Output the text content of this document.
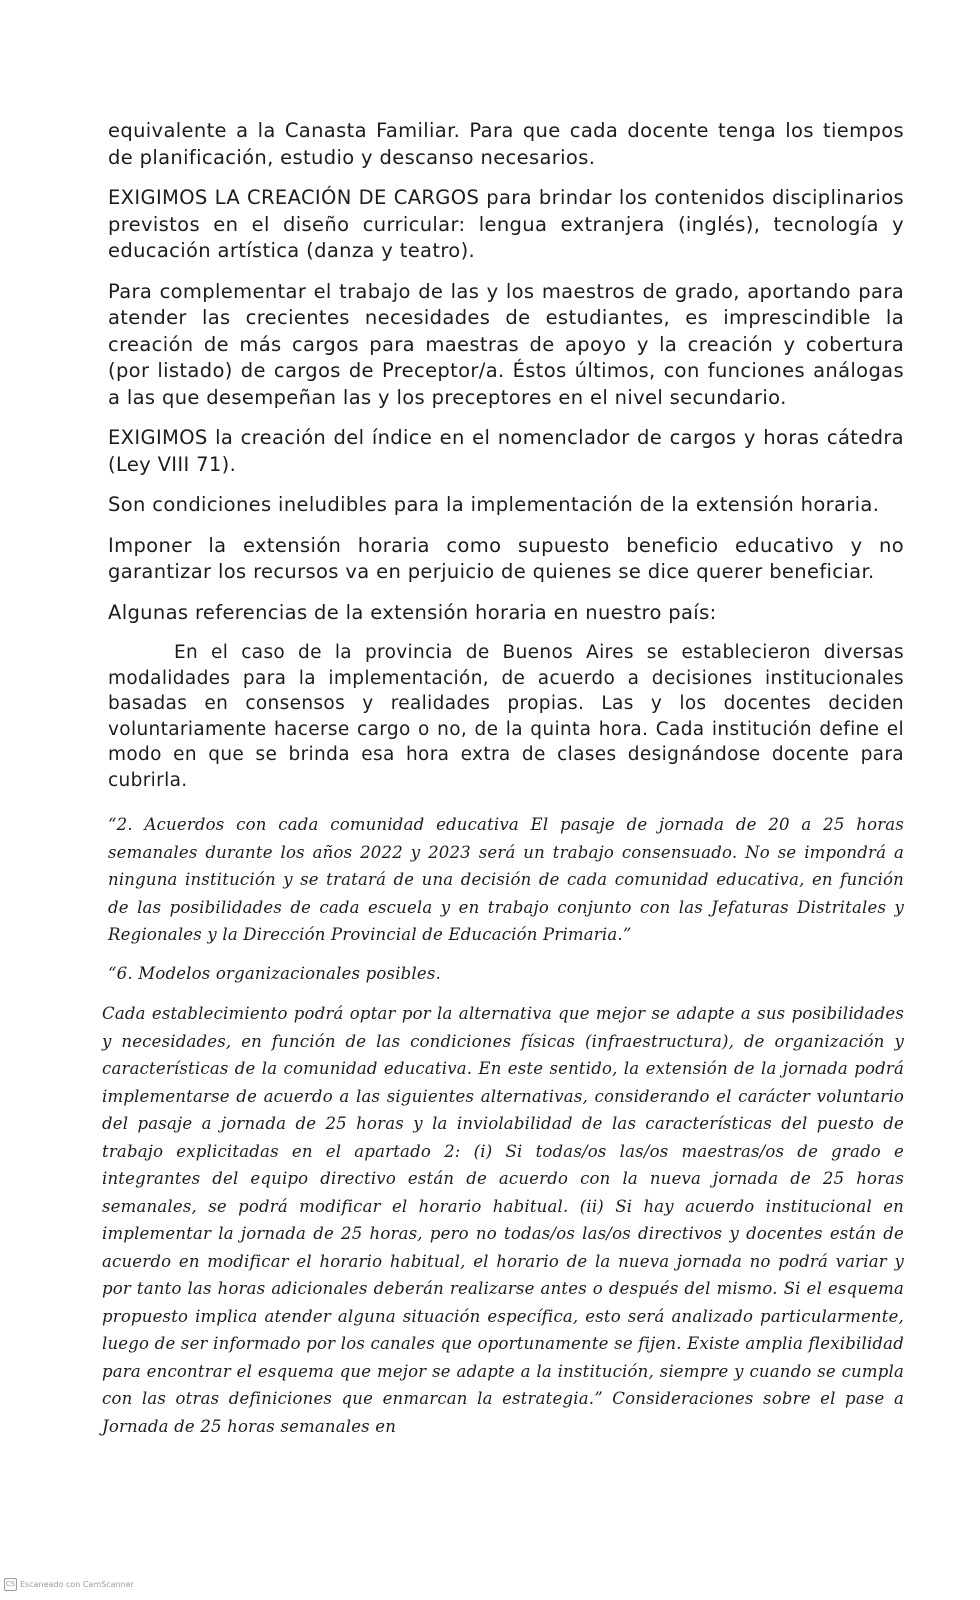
equivalente a la Canasta Familiar. Para que cada docente tenga los tiempos de planificación, estudio y descanso necesarios.

EXIGIMOS LA CREACIÓN DE CARGOS para brindar los contenidos disciplinarios previstos en el diseño curricular: lengua extranjera (inglés), tecnología y educación artística (danza y teatro).

Para complementar el trabajo de las y los maestros de grado, aportando para atender las crecientes necesidades de estudiantes, es imprescindible la creación de más cargos para maestras de apoyo y la creación y cobertura (por listado) de cargos de Preceptor/a. Éstos últimos, con funciones análogas a las que desempeñan las y los preceptores en el nivel secundario.

EXIGIMOS la creación del índice en el nomenclador de cargos y horas cátedra (Ley VIII 71).

Son condiciones ineludibles para la implementación de la extensión horaria.

Imponer la extensión horaria como supuesto beneficio educativo y no garantizar los recursos va en perjuicio de quienes se dice querer beneficiar.

Algunas referencias de la extensión horaria en nuestro país:

En el caso de la provincia de Buenos Aires se establecieron diversas modalidades para la implementación, de acuerdo a decisiones institucionales basadas en consensos y realidades propias. Las y los docentes deciden voluntariamente hacerse cargo o no, de la quinta hora. Cada institución define el modo en que se brinda esa hora extra de clases designándose docente para cubrirla.

“2. Acuerdos con cada comunidad educativa El pasaje de jornada de 20 a 25 horas semanales durante los años 2022 y 2023 será un trabajo consensuado. No se impondrá a ninguna institución y se tratará de una decisión de cada comunidad educativa, en función de las posibilidades de cada escuela y en trabajo conjunto con las Jefaturas Distritales y Regionales y la Dirección Provincial de Educación Primaria.”

“6. Modelos organizacionales posibles.

Cada establecimiento podrá optar por la alternativa que mejor se adapte a sus posibilidades y necesidades, en función de las condiciones físicas (infraestructura), de organización y características de la comunidad educativa. En este sentido, la extensión de la jornada podrá implementarse de acuerdo a las siguientes alternativas, considerando el carácter voluntario del pasaje a jornada de 25 horas y la inviolabilidad de las características del puesto de trabajo explicitadas en el apartado 2: (i) Si todas/os las/os maestras/os de grado e integrantes del equipo directivo están de acuerdo con la nueva jornada de 25 horas semanales, se podrá modificar el horario habitual. (ii) Si hay acuerdo institucional en implementar la jornada de 25 horas, pero no todas/os las/os directivos y docentes están de acuerdo en modificar el horario habitual, el horario de la nueva jornada no podrá variar y por tanto las horas adicionales deberán realizarse antes o después del mismo. Si el esquema propuesto implica atender alguna situación específica, esto será analizado particularmente, luego de ser informado por los canales que oportunamente se fijen. Existe amplia flexibilidad para encontrar el esquema que mejor se adapte a la institución, siempre y cuando se cumpla con las otras definiciones que enmarcan la estrategia.” Consideraciones sobre el pase a Jornada de 25 horas semanales en

CS Escaneado con CamScanner
